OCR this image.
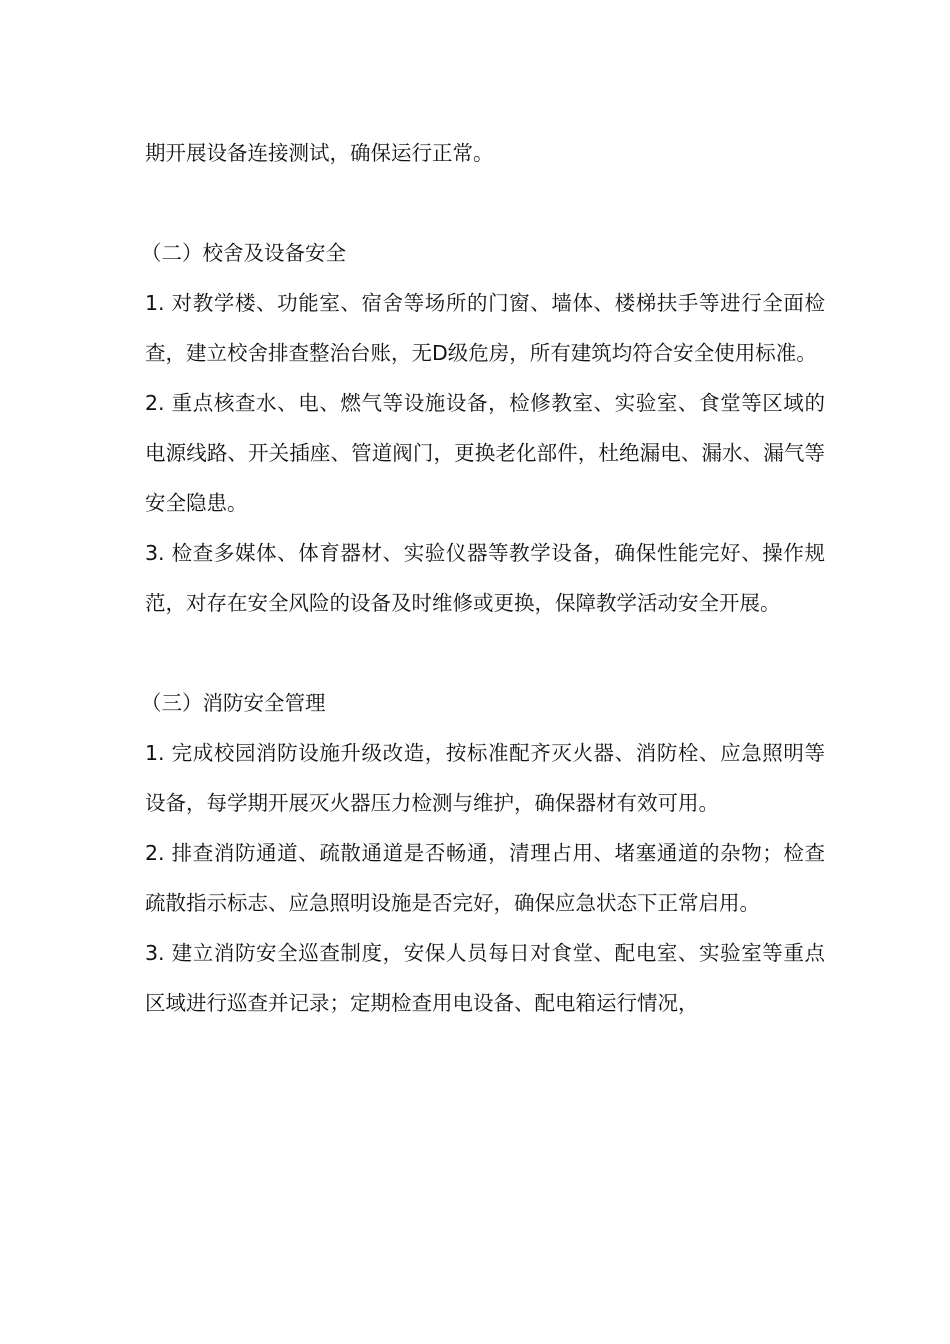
期开展设备连接测试，确保运行正常。

（二）校舍及设备安全

1. 对教学楼、功能室、宿舍等场所的门窗、墙体、楼梯扶手等进行全面检查，建立校舍排查整治台账，无D级危房，所有建筑均符合安全使用标准。

2. 重点核查水、电、燃气等设施设备，检修教室、实验室、食堂等区域的电源线路、开关插座、管道阀门，更换老化部件，杜绝漏电、漏水、漏气等安全隐患。

3. 检查多媒体、体育器材、实验仪器等教学设备，确保性能完好、操作规范，对存在安全风险的设备及时维修或更换，保障教学活动安全开展。

（三）消防安全管理

1. 完成校园消防设施升级改造，按标准配齐灭火器、消防栓、应急照明等设备，每学期开展灭火器压力检测与维护，确保器材有效可用。

2. 排查消防通道、疏散通道是否畅通，清理占用、堵塞通道的杂物；检查疏散指示标志、应急照明设施是否完好，确保应急状态下正常启用。

3. 建立消防安全巡查制度，安保人员每日对食堂、配电室、实验室等重点区域进行巡查并记录；定期检查用电设备、配电箱运行情况，
